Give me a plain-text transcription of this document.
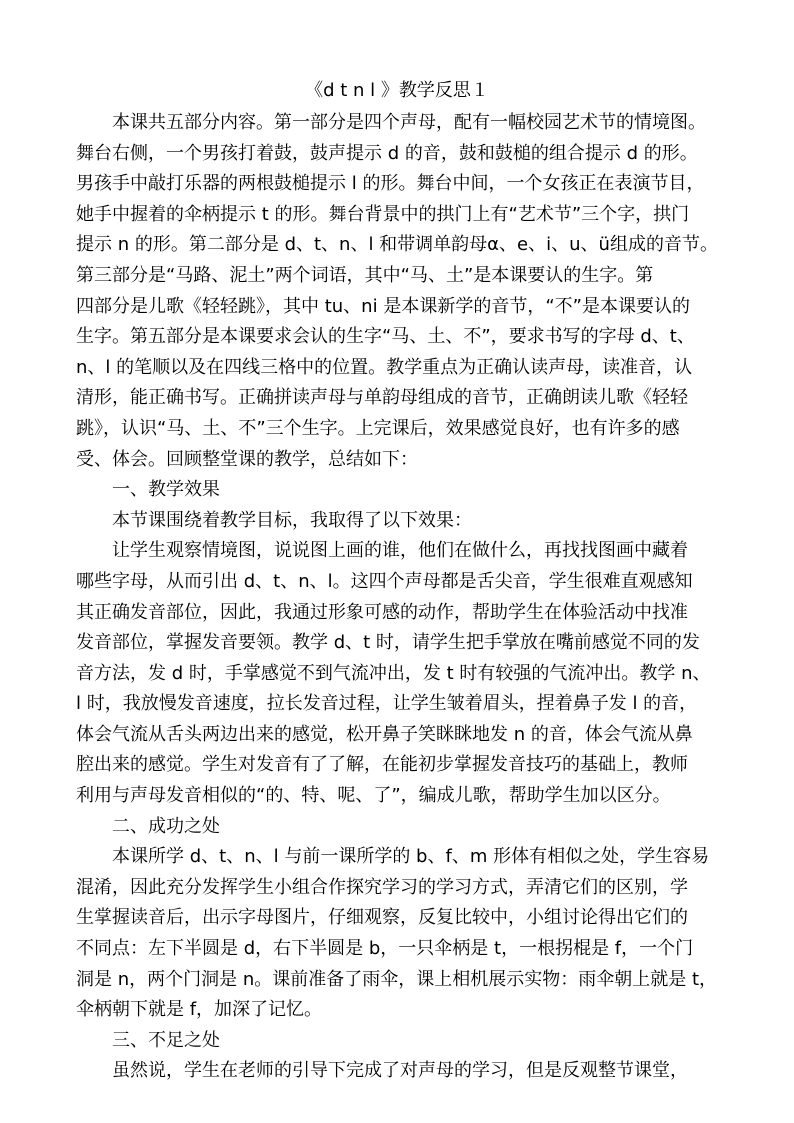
《d t n l 》教学反思１

本课共五部分内容。第一部分是四个声母，配有一幅校园艺术节的情境图。

舞台右侧，一个男孩打着鼓，鼓声提示 d 的音，鼓和鼓槌的组合提示 d 的形。

男孩手中敲打乐器的两根鼓槌提示 l 的形。舞台中间，一个女孩正在表演节目，

她手中握着的伞柄提示 t 的形。舞台背景中的拱门上有“艺术节”三个字，拱门

提示 n 的形。第二部分是 d、t、n、l 和带调单韵母α、e、i、u、ü组成的音节。

第三部分是“马路、泥土”两个词语，其中“马、土”是本课要认的生字。第

四部分是儿歌《轻轻跳》，其中 tu、ni 是本课新学的音节，“不”是本课要认的

生字。第五部分是本课要求会认的生字“马、土、不”，要求书写的字母 d、t、

n、l 的笔顺以及在四线三格中的位置。教学重点为正确认读声母，读准音，认

清形，能正确书写。正确拼读声母与单韵母组成的音节，正确朗读儿歌《轻轻

跳》，认识“马、土、不”三个生字。上完课后，效果感觉良好，也有许多的感

受、体会。回顾整堂课的教学，总结如下：

一、教学效果

本节课围绕着教学目标，我取得了以下效果：

让学生观察情境图，说说图上画的谁，他们在做什么，再找找图画中藏着

哪些字母，从而引出 d、t、n、l。这四个声母都是舌尖音，学生很难直观感知

其正确发音部位，因此，我通过形象可感的动作，帮助学生在体验活动中找准

发音部位，掌握发音要领。教学 d、t 时，请学生把手掌放在嘴前感觉不同的发

音方法，发 d 时，手掌感觉不到气流冲出，发 t 时有较强的气流冲出。教学 n、

l 时，我放慢发音速度，拉长发音过程，让学生皱着眉头，捏着鼻子发 l 的音，

体会气流从舌头两边出来的感觉，松开鼻子笑眯眯地发 n 的音，体会气流从鼻

腔出来的感觉。学生对发音有了了解，在能初步掌握发音技巧的基础上，教师

利用与声母发音相似的“的、特、呢、了”，编成儿歌，帮助学生加以区分。

二、成功之处

本课所学 d、t、n、l 与前一课所学的 b、f、m 形体有相似之处，学生容易

混淆，因此充分发挥学生小组合作探究学习的学习方式，弄清它们的区别，学

生掌握读音后，出示字母图片，仔细观察，反复比较中，小组讨论得出它们的

不同点：左下半圆是 d，右下半圆是 b，一只伞柄是 t，一根拐棍是 f，一个门

洞是 n，两个门洞是 n。课前准备了雨伞，课上相机展示实物：雨伞朝上就是 t，

伞柄朝下就是 f，加深了记忆。

三、不足之处

虽然说，学生在老师的引导下完成了对声母的学习，但是反观整节课堂，
